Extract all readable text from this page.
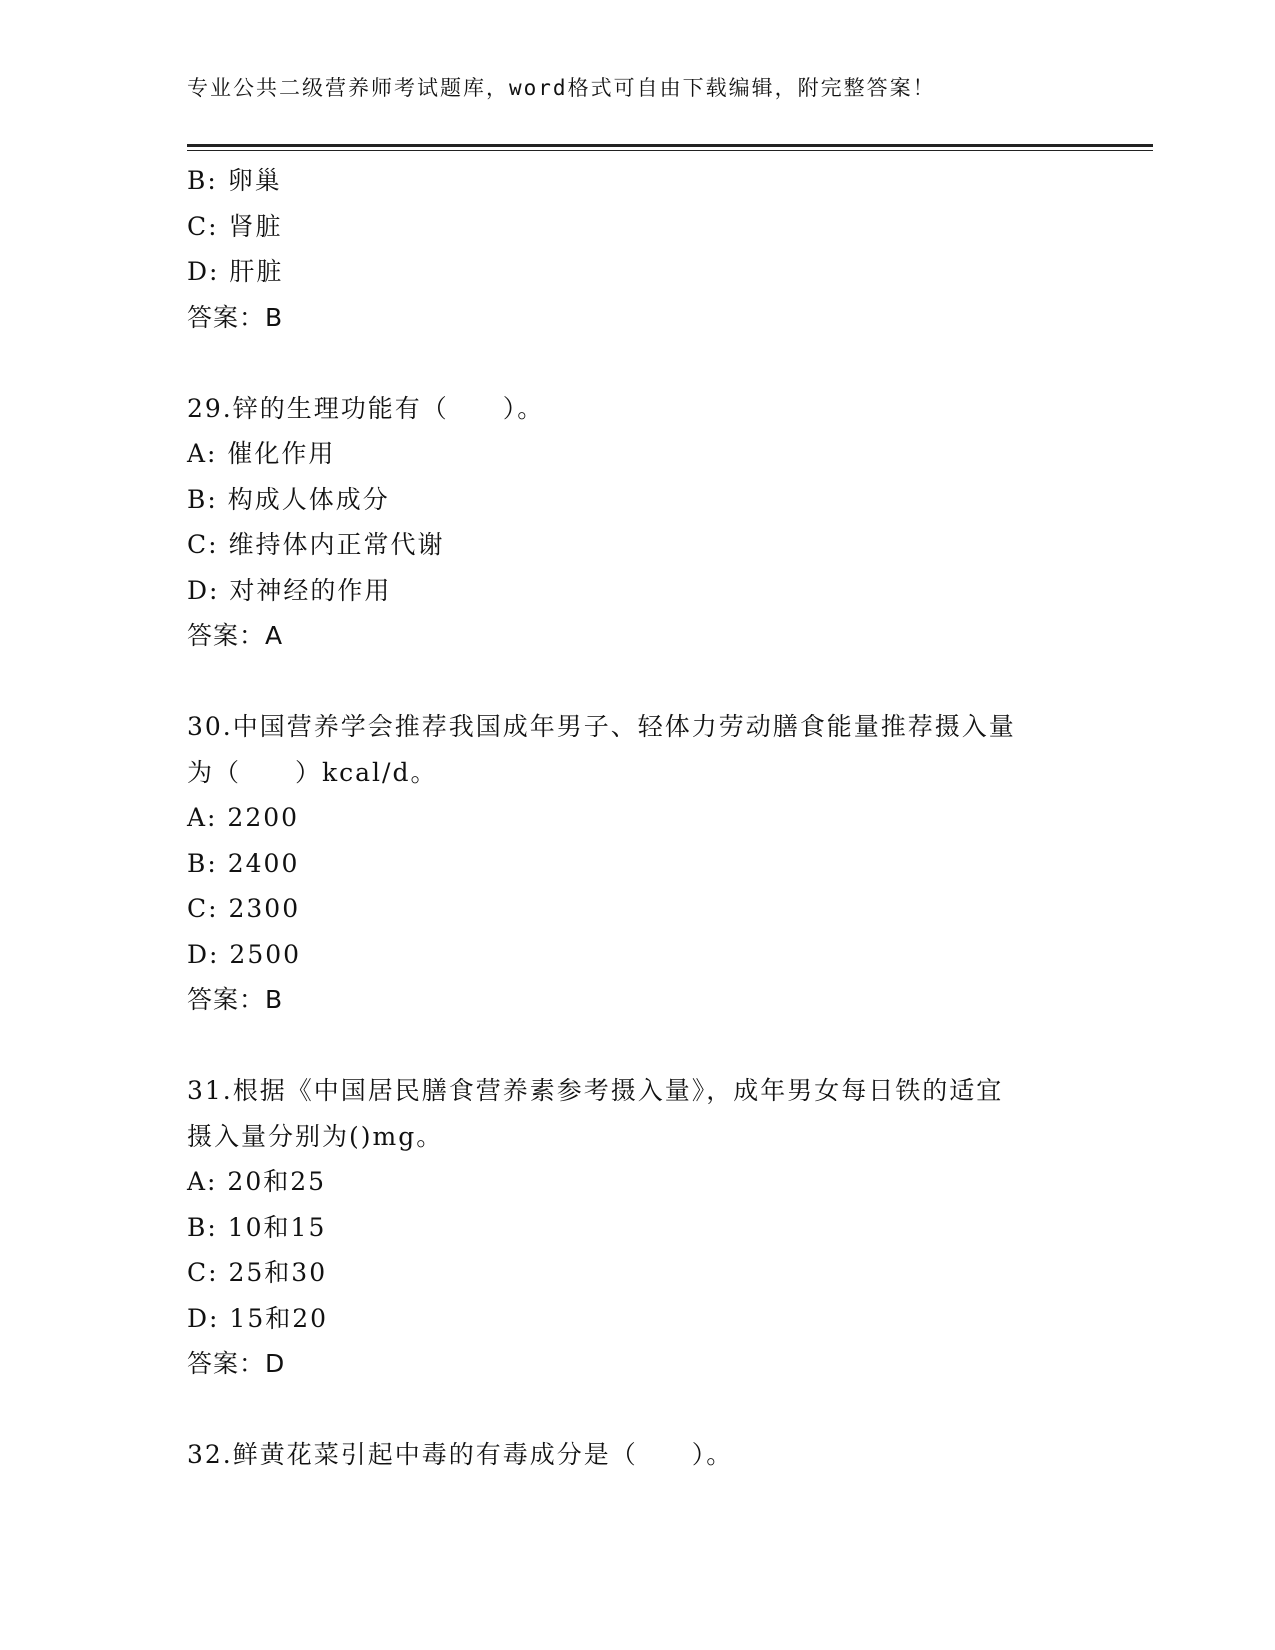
专业公共二级营养师考试题库，word格式可自由下载编辑，附完整答案！
B: 卵巢
C: 肾脏
D: 肝脏
答案：B
29.锌的生理功能有（　　）。
A: 催化作用
B: 构成人体成分
C: 维持体内正常代谢
D: 对神经的作用
答案：A
30.中国营养学会推荐我国成年男子、轻体力劳动膳食能量推荐摄入量
为（　　）kcal/d。
A: 2200
B: 2400
C: 2300
D: 2500
答案：B
31.根据《中国居民膳食营养素参考摄入量》，成年男女每日铁的适宜
摄入量分别为()mg。
A: 20和25
B: 10和15
C: 25和30
D: 15和20
答案：D
32.鲜黄花菜引起中毒的有毒成分是（　　）。
